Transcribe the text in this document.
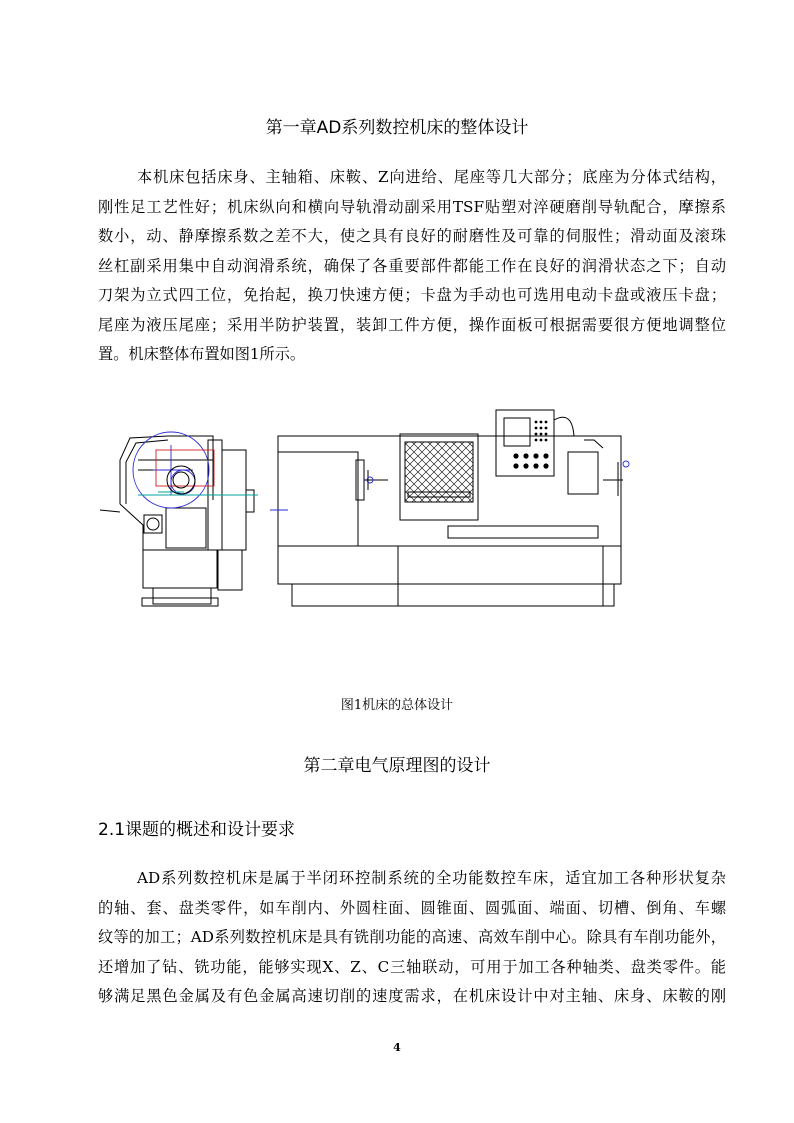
第一章AD系列数控机床的整体设计
本机床包括床身、主轴箱、床鞍、Z向进给、尾座等几大部分；底座为分体式结构，
刚性足工艺性好；机床纵向和横向导轨滑动副采用TSF贴塑对淬硬磨削导轨配合，摩擦系
数小，动、静摩擦系数之差不大，使之具有良好的耐磨性及可靠的伺服性；滑动面及滚珠
丝杠副采用集中自动润滑系统，确保了各重要部件都能工作在良好的润滑状态之下；自动
刀架为立式四工位，免抬起，换刀快速方便；卡盘为手动也可选用电动卡盘或液压卡盘；
尾座为液压尾座；采用半防护装置，装卸工件方便，操作面板可根据需要很方便地调整位
置。机床整体布置如图1所示。
图1机床的总体设计
第二章电气原理图的设计
2.1课题的概述和设计要求
AD系列数控机床是属于半闭环控制系统的全功能数控车床，适宜加工各种形状复杂
的轴、套、盘类零件，如车削内、外圆柱面、圆锥面、圆弧面、端面、切槽、倒角、车螺
纹等的加工；AD系列数控机床是具有铣削功能的高速、高效车削中心。除具有车削功能外，
还增加了钻、铣功能，能够实现X、Z、C三轴联动，可用于加工各种轴类、盘类零件。能
够满足黑色金属及有色金属高速切削的速度需求，在机床设计中对主轴、床身、床鞍的刚
4
